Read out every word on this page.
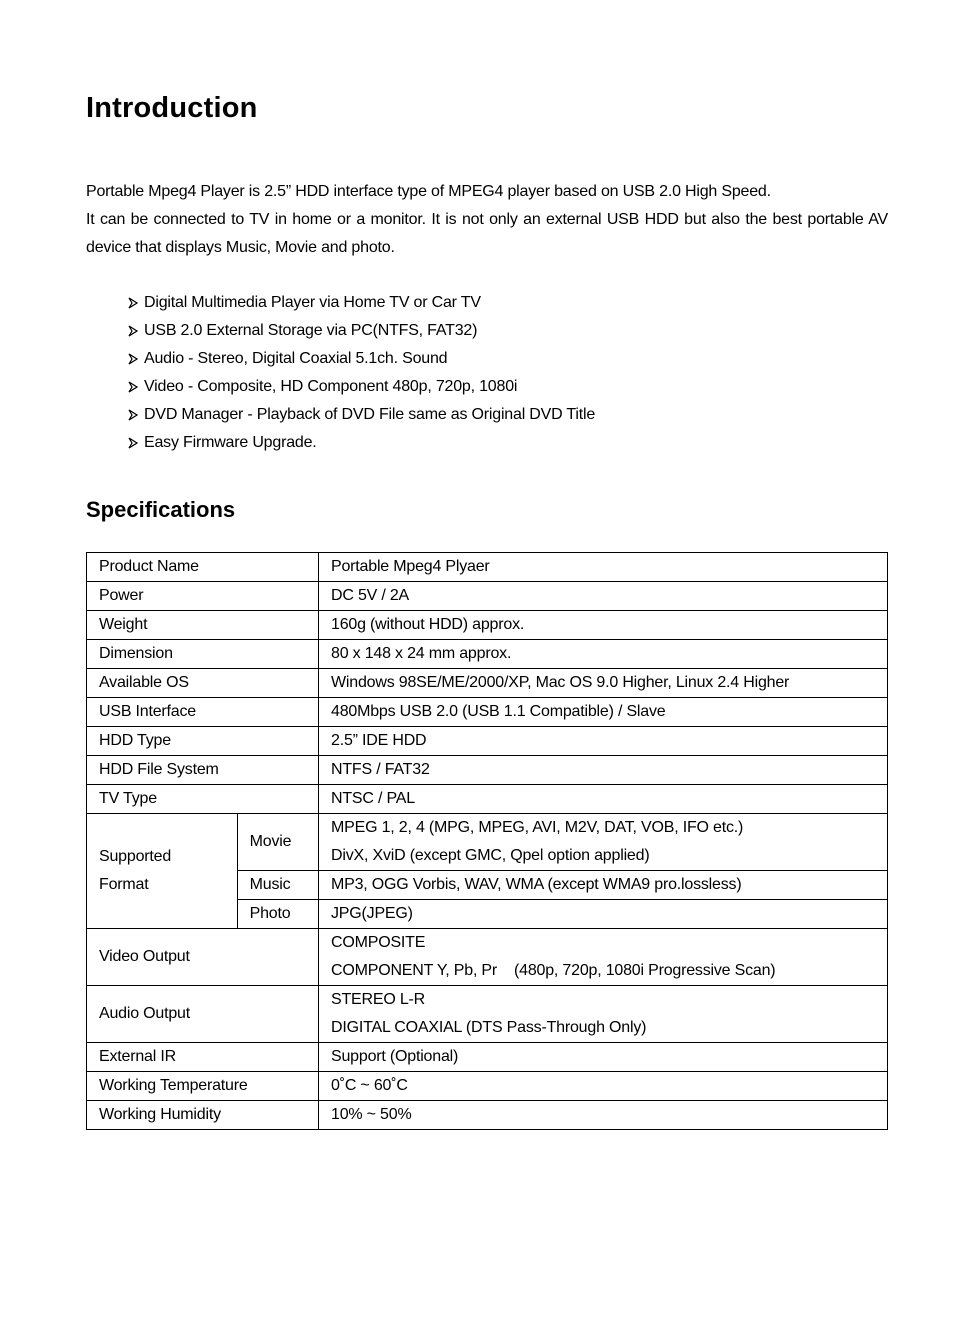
Introduction

Portable Mpeg4 Player is 2.5” HDD interface type of MPEG4 player based on USB 2.0 High Speed.

It can be connected to TV in home or a monitor. It is not only an external USB HDD but also the best portable AV device that displays Music, Movie and photo.

Digital Multimedia Player via Home TV or Car TV
USB 2.0 External Storage via PC(NTFS, FAT32)
Audio - Stereo, Digital Coaxial 5.1ch. Sound
Video - Composite, HD Component 480p, 720p, 1080i
DVD Manager - Playback of DVD File same as Original DVD Title
Easy Firmware Upgrade.
Specifications
Product Name		Portable Mpeg4 Plyaer
Power		DC 5V / 2A
Weight		160g (without HDD) approx.
Dimension		80 x 148 x 24 mm approx.
Available OS		Windows 98SE/ME/2000/XP, Mac OS 9.0 Higher, Linux 2.4 Higher
USB Interface		480Mbps USB 2.0 (USB 1.1 Compatible) / Slave
HDD Type		2.5” IDE HDD
HDD File System		NTFS / FAT32
TV Type		NTSC / PAL
Supported Format	Movie	MPEG 1, 2, 4 (MPG, MPEG, AVI, M2V, DAT, VOB, IFO etc.)
DivX, XviD (except GMC, Qpel option applied)

	Music	MP3, OGG Vorbis, WAV, WMA (except WMA9 pro.lossless)
	Photo	JPG(JPEG)
Video Output		COMPOSITE
COMPONENT Y, Pb, Pr    (480p, 720p, 1080i Progressive Scan)

Audio Output		STEREO L-R
DIGITAL COAXIAL (DTS Pass-Through Only)

External IR		Support (Optional)
Working Temperature		0˚C ~ 60˚C
Working Humidity		10% ~ 50%
